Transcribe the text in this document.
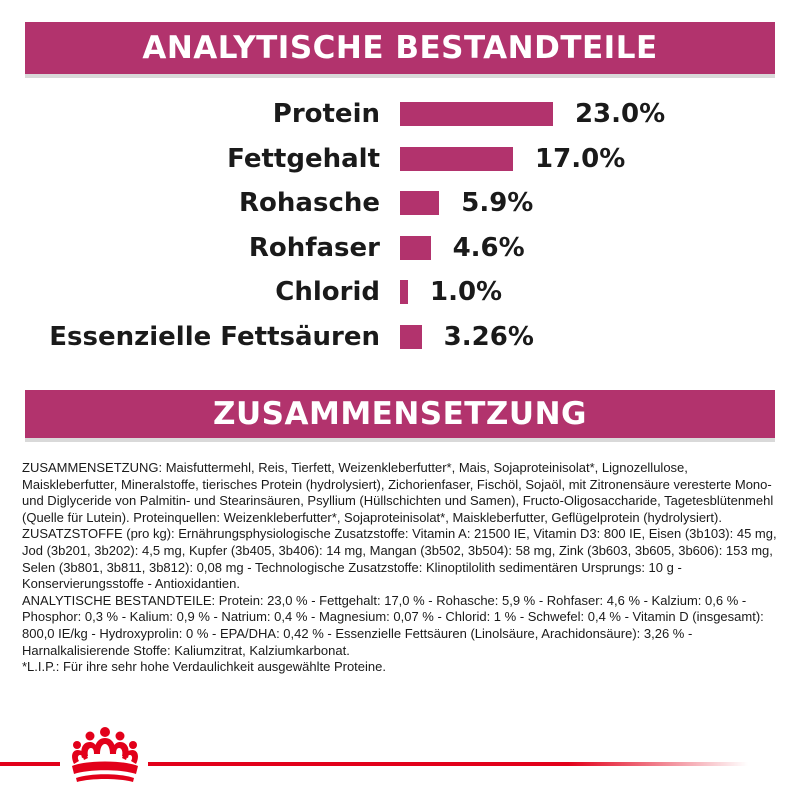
ANALYTISCHE BESTANDTEILE
Protein	23.0%
Fettgehalt	17.0%
Rohasche	5.9%
Rohfaser	4.6%
Chlorid 1.0%
Essenzielle Fettsäuren 3.26%
ZUSAMMENSETZUNG

ZUSAMMENSETZUNG: Maisfuttermehl, Reis, Tierfett, Weizenkleberfutter*, Mais, Sojaproteinisolat*, Lignozellulose, Maiskleberfutter, Mineralstoffe, tierisches Protein (hydrolysiert), Zichorienfaser, Fischöl, Sojaöl, mit Zitronensäure veresterte Mono- und Diglyceride von Palmitin- und Stearinsäuren, Psyllium (Hüllschichten und Samen), Fructo-Oligosaccharide, Tagetesblütenmehl (Quelle für Lutein). Proteinquellen: Weizenkleberfutter*, Sojaproteinisolat*, Maiskleberfutter, Geflügelprotein (hydrolysiert).

ZUSATZSTOFFE (pro kg): Ernährungsphysiologische Zusatzstoffe: Vitamin A: 21500 IE, Vitamin D3: 800 IE, Eisen (3b103): 45 mg, Jod (3b201, 3b202): 4,5 mg, Kupfer (3b405, 3b406): 14 mg, Mangan (3b502, 3b504): 58 mg, Zink (3b603, 3b605, 3b606): 153 mg, Selen (3b801, 3b811, 3b812): 0,08 mg - Technologische Zusatzstoffe: Klinoptilolith sedimentären Ursprungs: 10 g - Konservierungsstoffe - Antioxidantien.

ANALYTISCHE BESTANDTEILE: Protein: 23,0 % - Fettgehalt: 17,0 % - Rohasche: 5,9 % - Rohfaser: 4,6 % - Kalzium: 0,6 % - Phosphor: 0,3 % - Kalium: 0,9 % - Natrium: 0,4 % - Magnesium: 0,07 % - Chlorid: 1 % - Schwefel: 0,4 % - Vitamin D (insgesamt): 800,0 IE/kg - Hydroxyprolin: 0 % - EPA/DHA: 0,42 % - Essenzielle Fettsäuren (Linolsäure, Arachidonsäure): 3,26 % - Harnalkalisierende Stoffe: Kaliumzitrat, Kalziumkarbonat.

*L.I.P.: Für ihre sehr hohe Verdaulichkeit ausgewählte Proteine.
